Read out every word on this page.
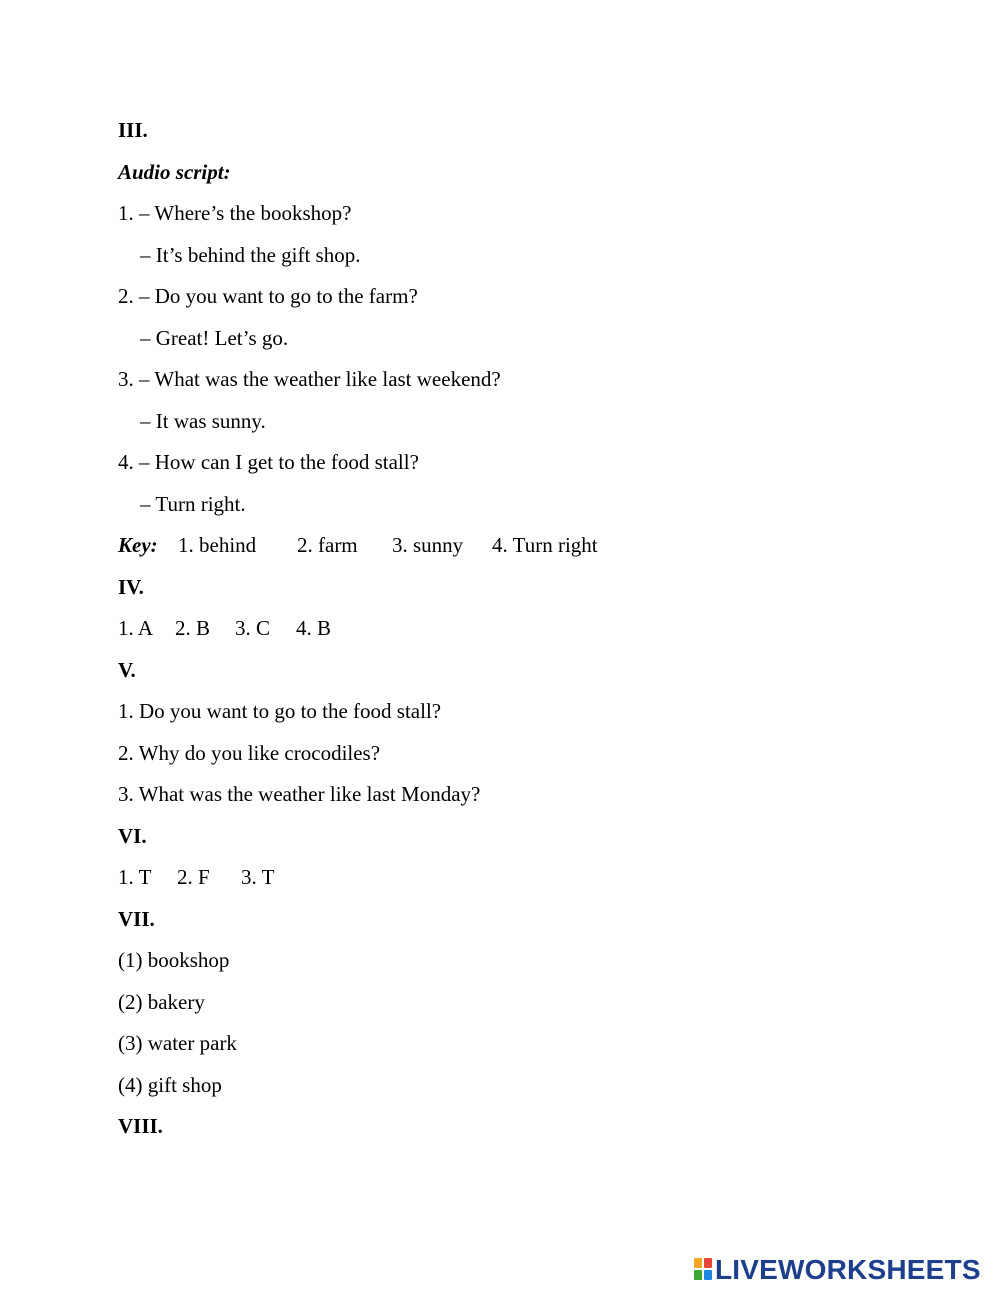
III.
Audio script:
1. – Where’s the bookshop?
– It’s behind the gift shop.
2. – Do you want to go to the farm?
– Great! Let’s go.
3. – What was the weather like last weekend?
– It was sunny.
4. – How can I get to the food stall?
– Turn right.

Key:

1. behind

2. farm

3. sunny

4. Turn right

IV.

1. A

2. B

3. C

4. B

V.
1. Do you want to go to the food stall?
2. Why do you like crocodiles?
3. What was the weather like last Monday?
VI.

1. T

2. F

3. T

VII.
(1) bookshop
(2) bakery
(3) water park
(4) gift shop
VIII.
LIVEWORKSHEETS
